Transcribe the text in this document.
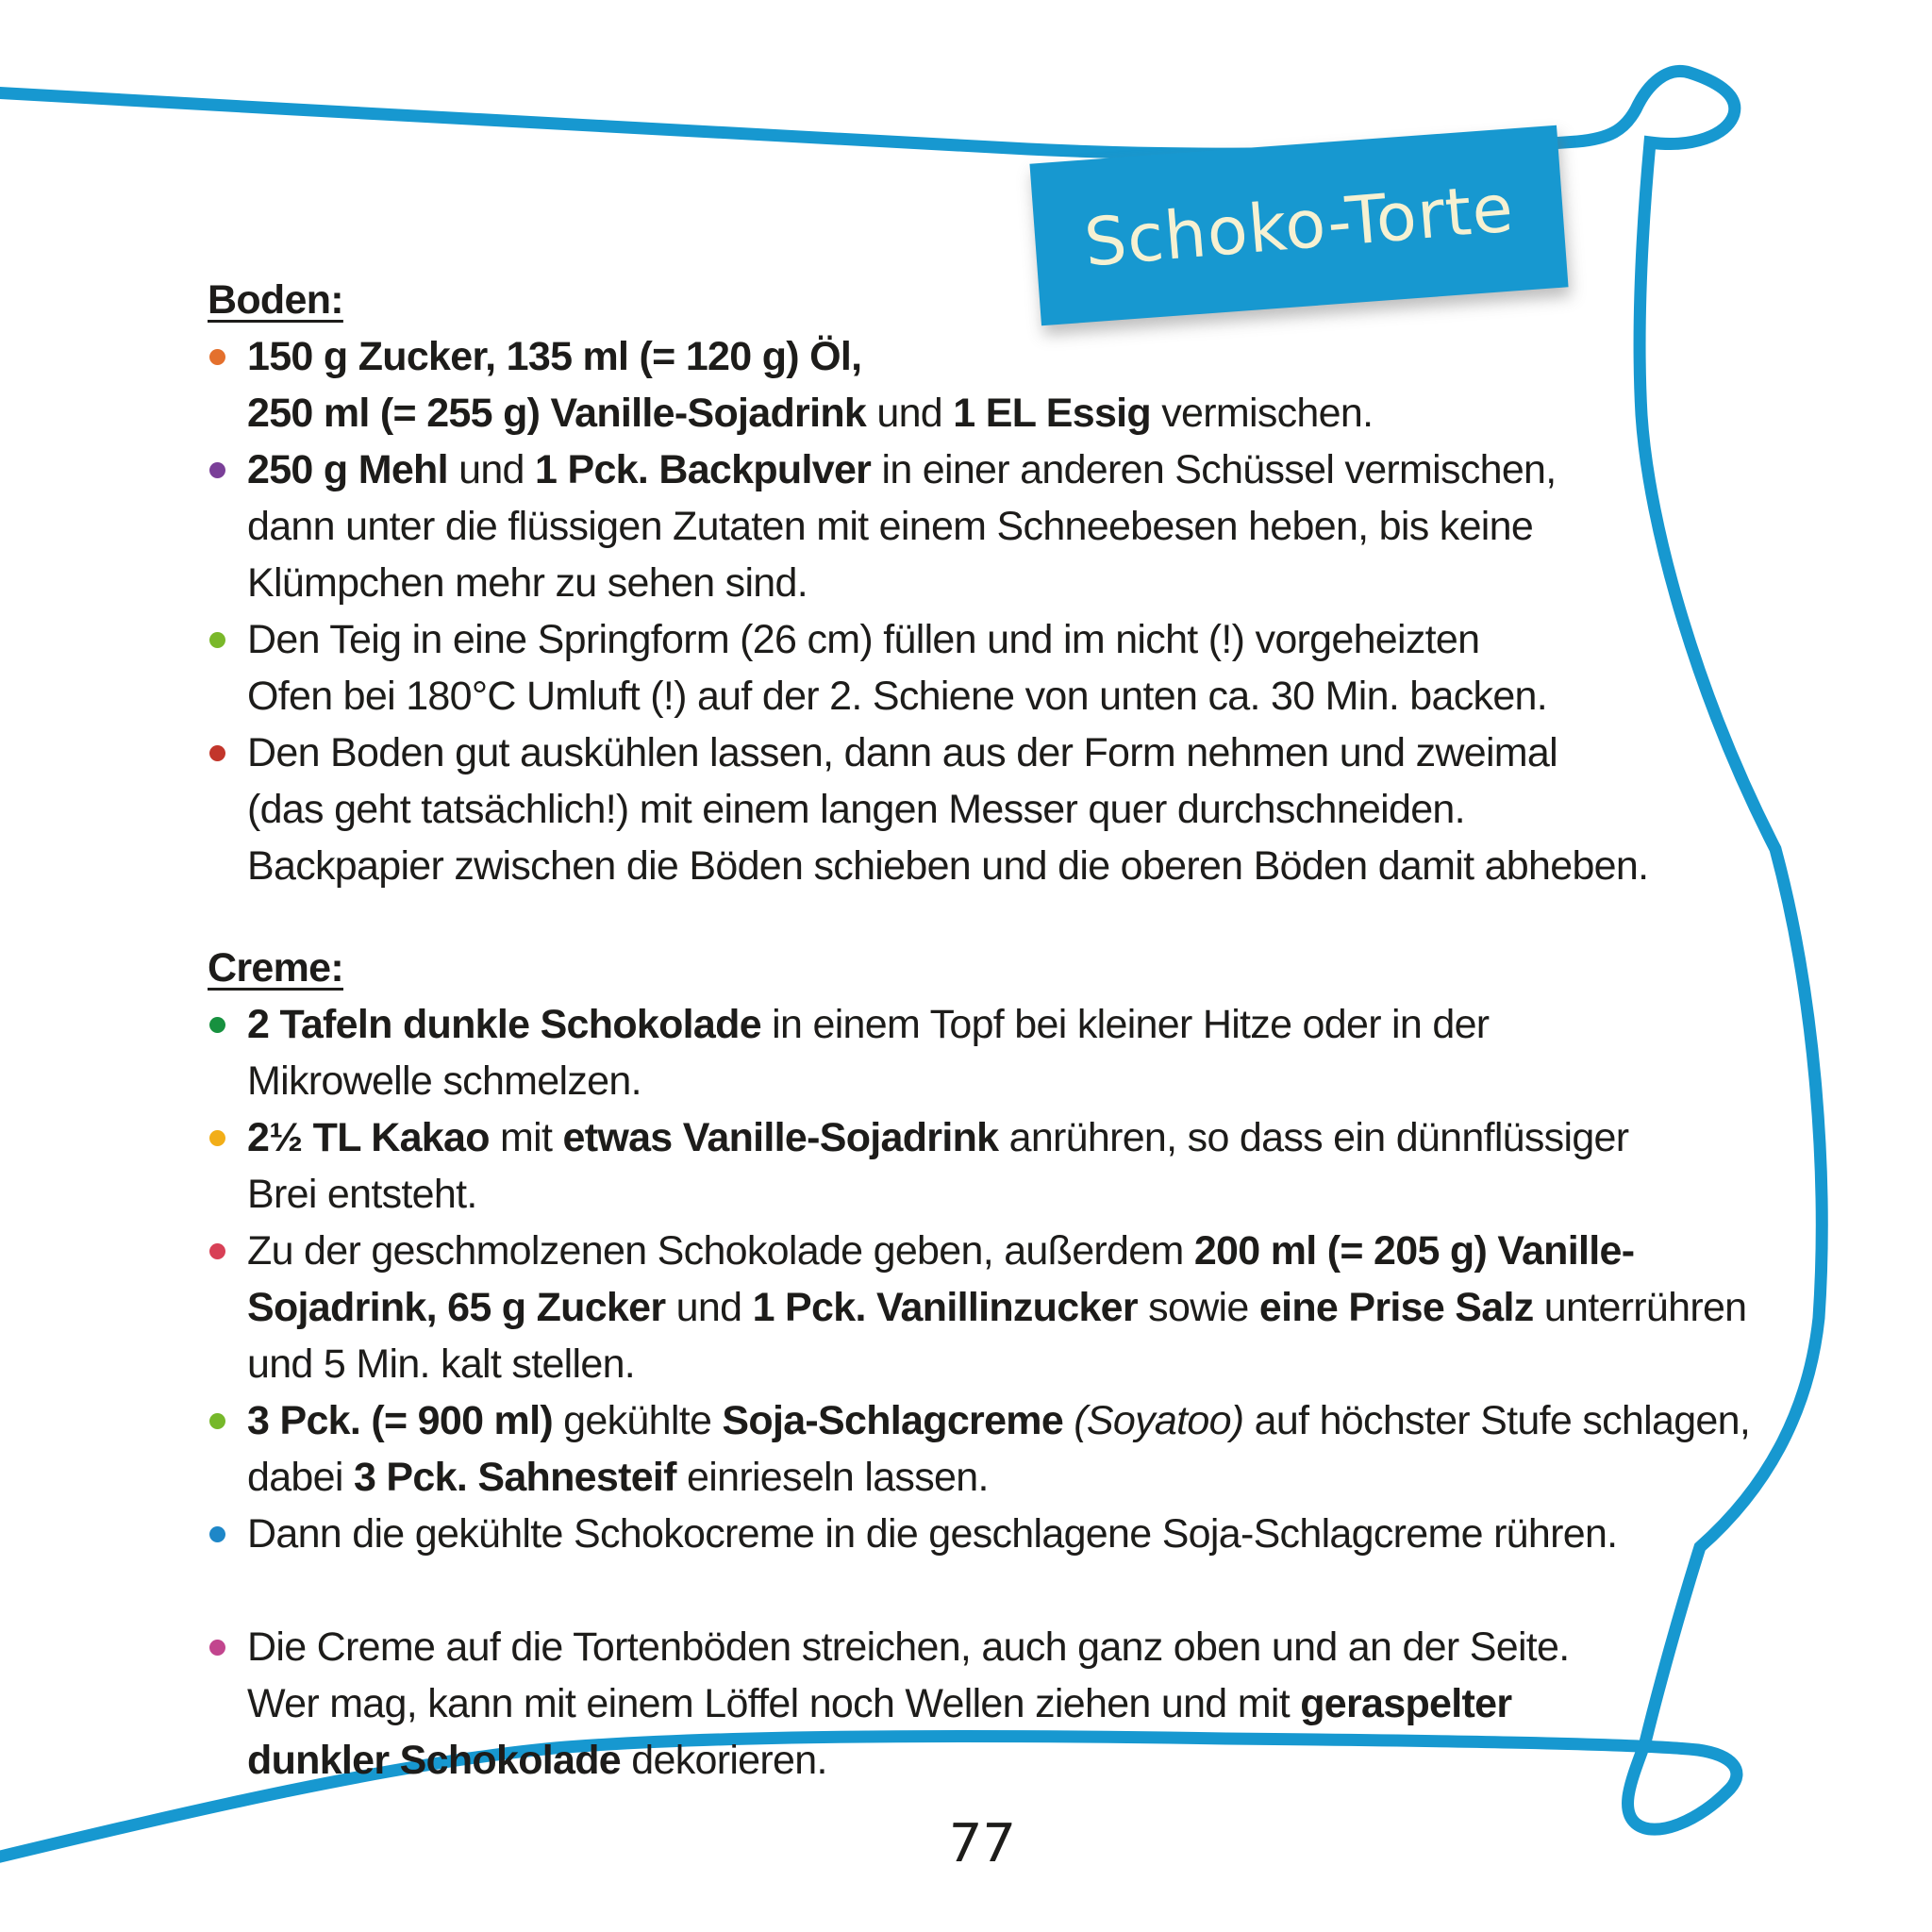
Schoko-Torte
Boden:
150 g Zucker, 135 ml (= 120 g) Öl,
250 ml (= 255 g) Vanille-Sojadrink und 1 EL Essig vermischen.
250 g Mehl und 1 Pck. Backpulver in einer anderen Schüssel vermischen,
dann unter die flüssigen Zutaten mit einem Schneebesen heben, bis keine
Klümpchen mehr zu sehen sind.
Den Teig in eine Springform (26 cm) füllen und im nicht (!) vorgeheizten
Ofen bei 180°C Umluft (!) auf der 2. Schiene von unten ca. 30 Min. backen.
Den Boden gut auskühlen lassen, dann aus der Form nehmen und zweimal
(das geht tatsächlich!) mit einem langen Messer quer durchschneiden.
Backpapier zwischen die Böden schieben und die oberen Böden damit abheben.
Creme:
2 Tafeln dunkle Schokolade in einem Topf bei kleiner Hitze oder in der
Mikrowelle schmelzen.
2½ TL Kakao mit etwas Vanille-Sojadrink anrühren, so dass ein dünnflüssiger
Brei entsteht.
Zu der geschmolzenen Schokolade geben, außerdem 200 ml (= 205 g) Vanille-
Sojadrink, 65 g Zucker und 1 Pck. Vanillinzucker sowie eine Prise Salz unterrühren
und 5 Min. kalt stellen.
3 Pck. (= 900 ml) gekühlte Soja-Schlagcreme (Soyatoo) auf höchster Stufe schlagen,
dabei 3 Pck. Sahnesteif einrieseln lassen.
Dann die gekühlte Schokocreme in die geschlagene Soja-Schlagcreme rühren.
Die Creme auf die Tortenböden streichen, auch ganz oben und an der Seite.
Wer mag, kann mit einem Löffel noch Wellen ziehen und mit geraspelter
dunkler Schokolade dekorieren.
77
